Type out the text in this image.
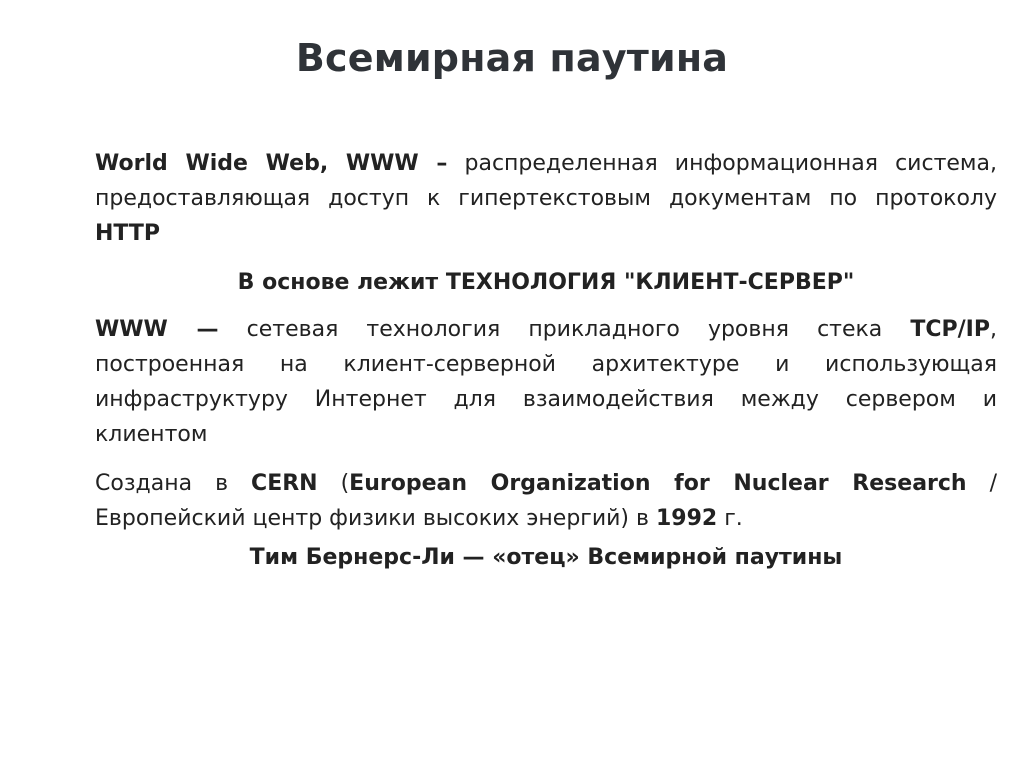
Всемирная паутина

World Wide Web, WWW – распределенная информационная система, предоставляющая доступ к гипертекстовым документам по протоколу HTTP

В основе лежит ТЕХНОЛОГИЯ "КЛИЕНТ-СЕРВЕР"

WWW — сетевая технология прикладного уровня стека TCP/IP, построенная на клиент-серверной архитектуре и использующая инфраструктуру Интернет для взаимодействия между сервером и клиентом

Создана в CERN (European Organization for Nuclear Research / Европейский центр физики высоких энергий) в 1992 г.

Тим Бернерс-Ли — «отец» Всемирной паутины
